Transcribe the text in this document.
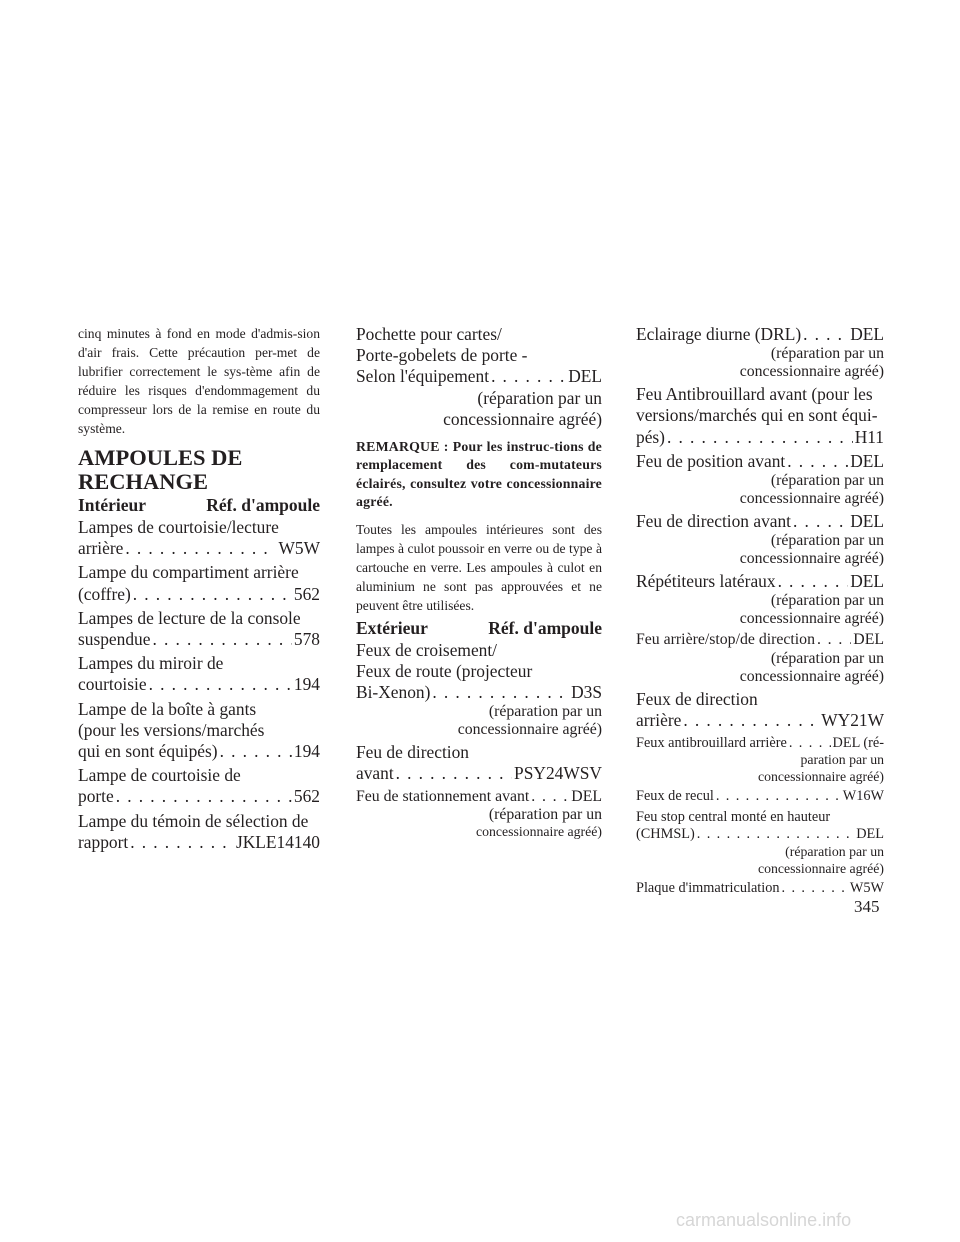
cinq minutes à fond en mode d'admis-sion d'air frais. Cette précaution per-met de lubrifier correctement le sys-tème afin de réduire les risques d'endommagement du compresseur lors de la remise en route du système.

AMPOULES DE
RECHANGE
Intérieur	Réf. d'ampoule
Lampes de courtoisie/lecture
arrière . . .	W5W
Lampe du compartiment arrière
(coffre) . . .	562
Lampes de lecture de la console
suspendue . . .	578
Lampes du miroir de
courtoisie . . .	194
Lampe de la boîte à gants
(pour les versions/marchés
qui en sont équipés) . . .	194
Lampe de courtoisie de
porte . . .	562
Lampe du témoin de sélection de
rapport . . .	JKLE14140
Pochette pour cartes/
Porte-gobelets de porte -
Selon l'équipement . . .	DEL
(réparation par un
concessionnaire agréé)

REMARQUE : Pour les instruc-tions de remplacement des com-mutateurs éclairés, consultez votre concessionnaire agréé.

Toutes les ampoules intérieures sont des lampes à culot poussoir en verre ou de type à cartouche en verre. Les ampoules à culot en aluminium ne sont pas approuvées et ne peuvent être utilisées.

Extérieur	Réf. d'ampoule
Feux de croisement/
Feux de route (projecteur
Bi-Xenon) . . .	D3S
(réparation par un
concessionnaire agréé)
Feu de direction
avant . . .	PSY24WSV
Feu de stationnement avant . . .	DEL
(réparation par un
concessionnaire agréé)
Eclairage diurne (DRL) . . .	DEL
(réparation par un
concessionnaire agréé)
Feu Antibrouillard avant (pour les
versions/marchés qui en sont équi-
pés) . . .	H11
Feu de position avant . . .	DEL
(réparation par un
concessionnaire agréé)
Feu de direction avant . . .	DEL
(réparation par un
concessionnaire agréé)
Répétiteurs latéraux . . .	DEL
(réparation par un
concessionnaire agréé)
Feu arrière/stop/de direction . . . DEL
(réparation par un
concessionnaire agréé)
Feux de direction
arrière . . .	WY21W
Feux antibrouillard arrière . . .	DEL (ré-
paration par un
concessionnaire agréé)
Feux de recul . . .	W16W
Feu stop central monté en hauteur
(CHMSL) . . .	DEL
(réparation par un
concessionnaire agréé)
Plaque d'immatriculation . . .	W5W
345
carmanualsonline.info
